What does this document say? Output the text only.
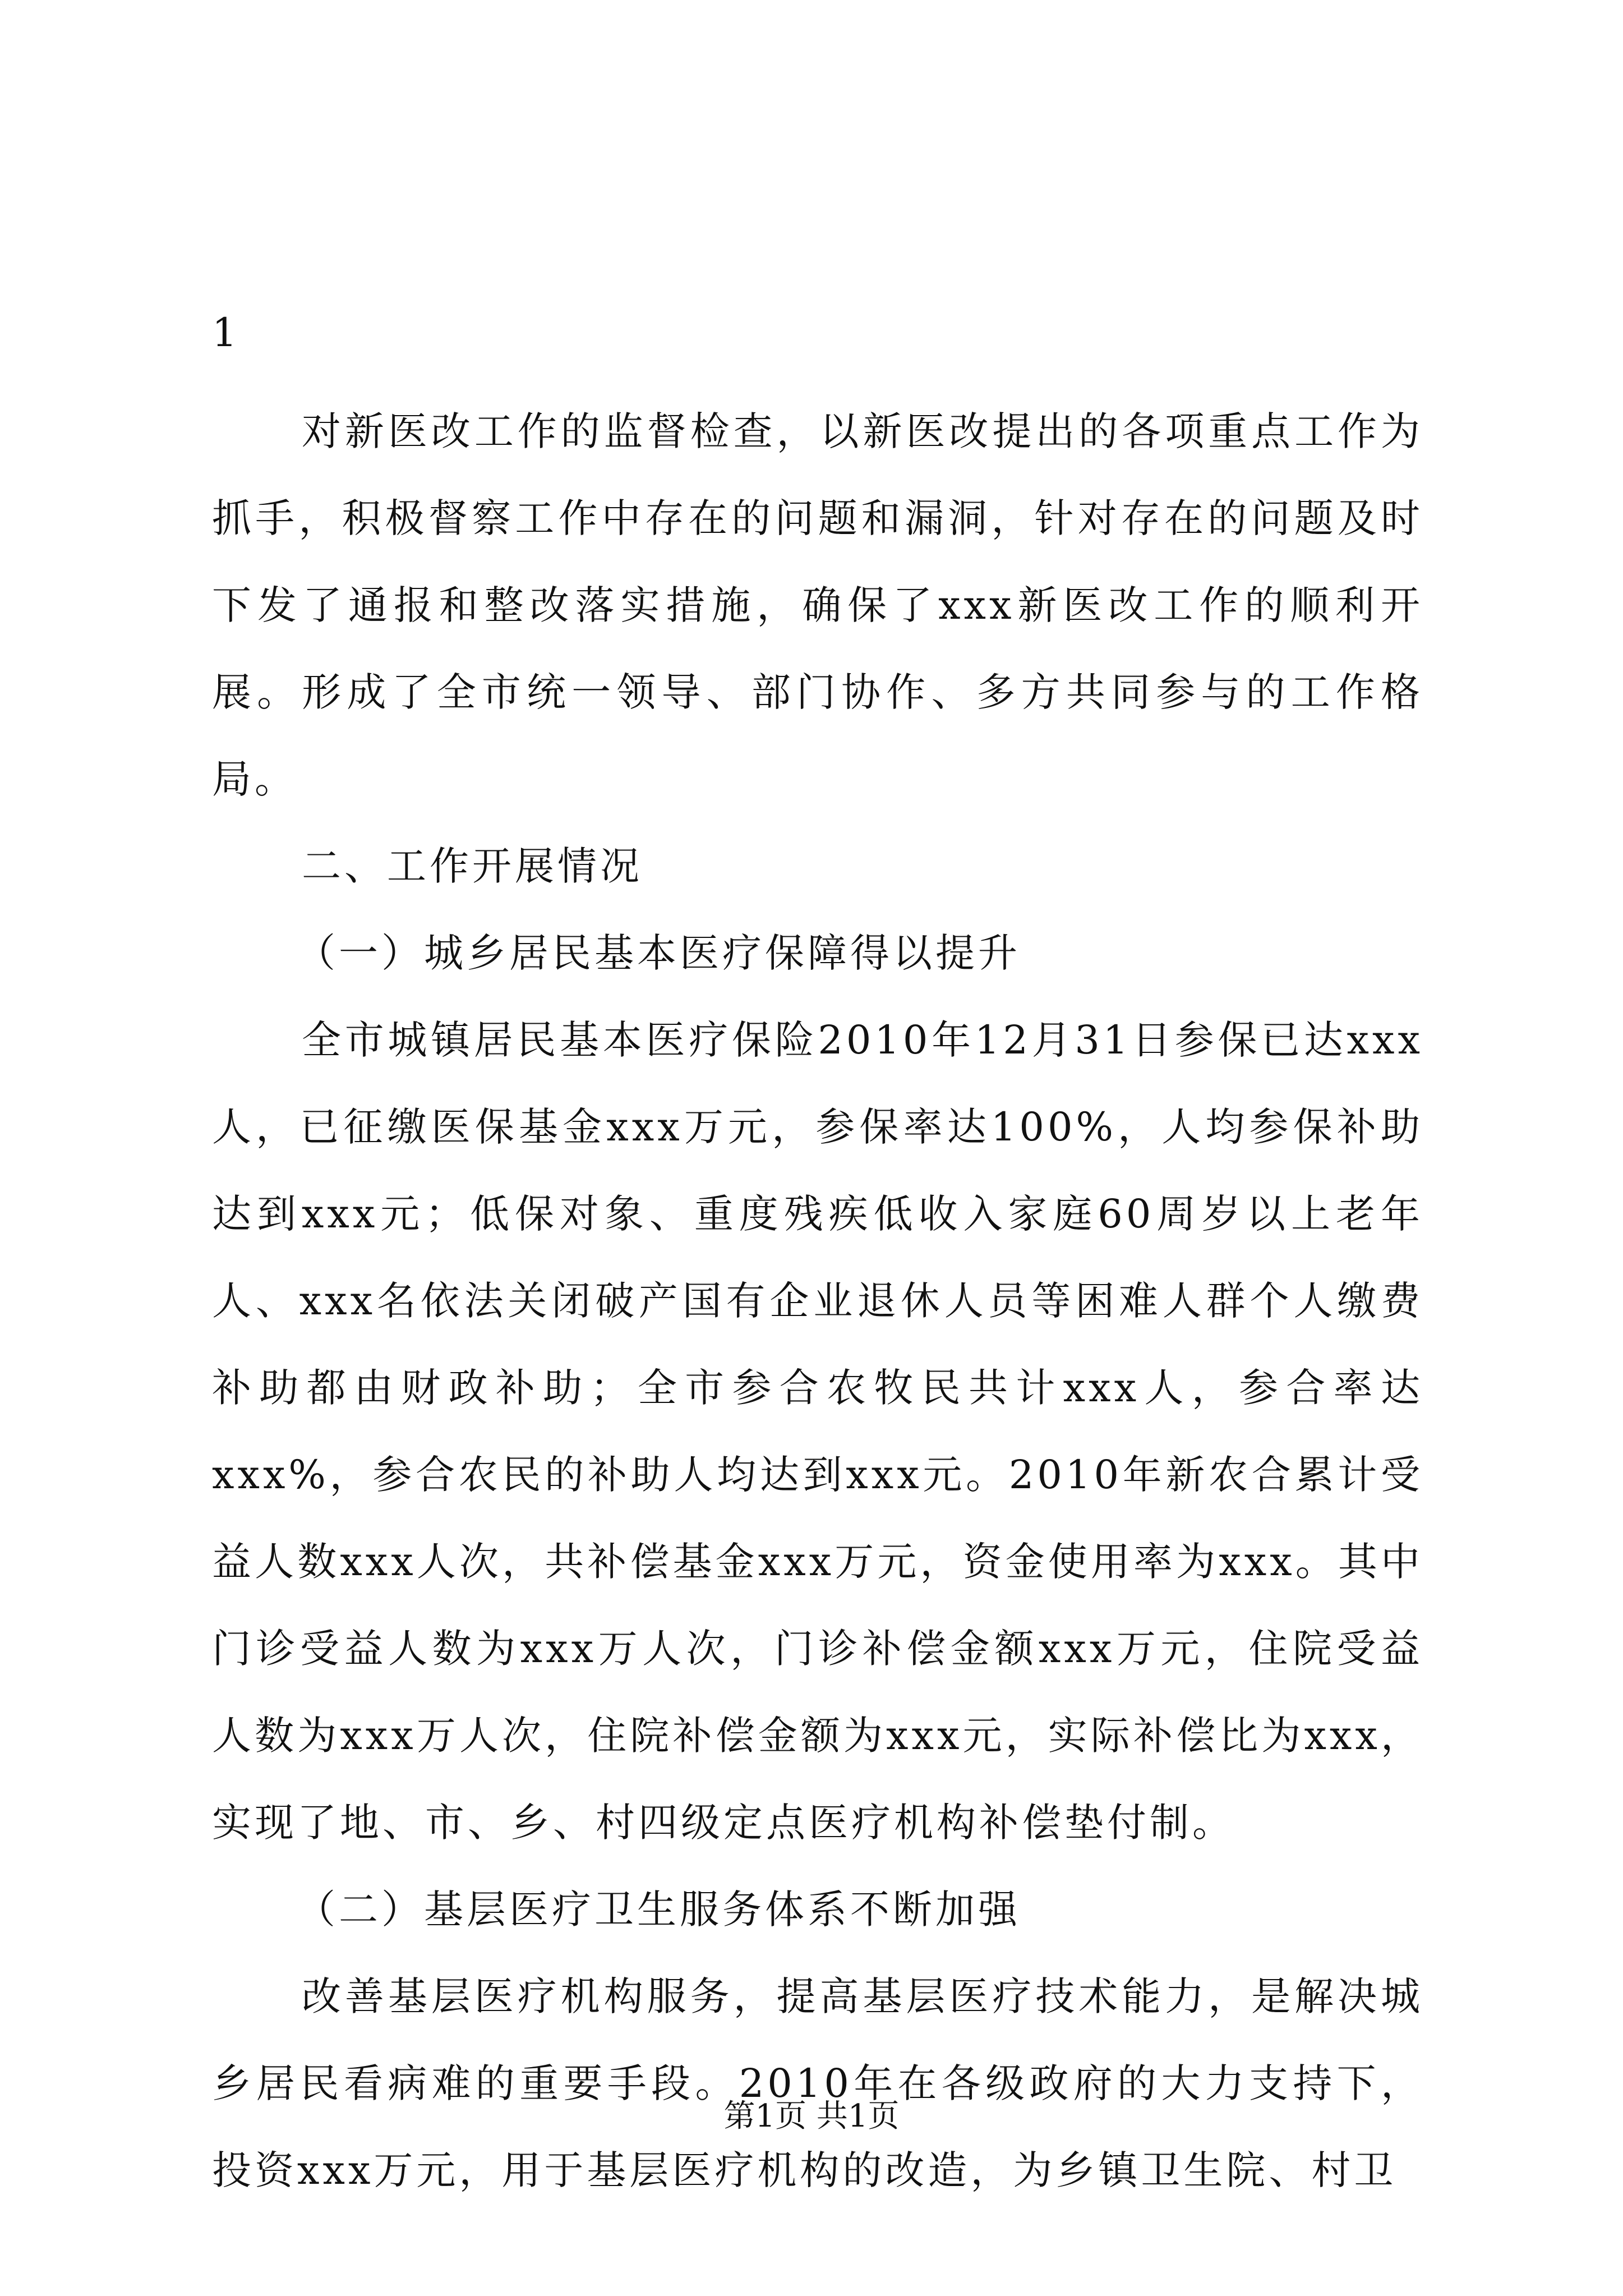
1

对新医改工作的监督检查，以新医改提出的各项重点工作为抓手，积极督察工作中存在的问题和漏洞，针对存在的问题及时下发了通报和整改落实措施，确保了xxx新医改工作的顺利开展。形成了全市统一领导、部门协作、多方共同参与的工作格局。

二、工作开展情况

（一）城乡居民基本医疗保障得以提升

全市城镇居民基本医疗保险2010年12月31日参保已达xxx人，已征缴医保基金xxx万元，参保率达100%，人均参保补助达到xxx元；低保对象、重度残疾低收入家庭60周岁以上老年人、xxx名依法关闭破产国有企业退休人员等困难人群个人缴费补助都由财政补助；全市参合农牧民共计xxx人，参合率达xxx%，参合农民的补助人均达到xxx元。2010年新农合累计受益人数xxx人次，共补偿基金xxx万元，资金使用率为xxx。其中门诊受益人数为xxx万人次，门诊补偿金额xxx万元，住院受益人数为xxx万人次，住院补偿金额为xxx元，实际补偿比为xxx，实现了地、市、乡、村四级定点医疗机构补偿垫付制。

（二）基层医疗卫生服务体系不断加强

改善基层医疗机构服务，提高基层医疗技术能力，是解决城乡居民看病难的重要手段。2010年在各级政府的大力支持下，投资xxx万元，用于基层医疗机构的改造，为乡镇卫生院、村卫

第1页 共1页
